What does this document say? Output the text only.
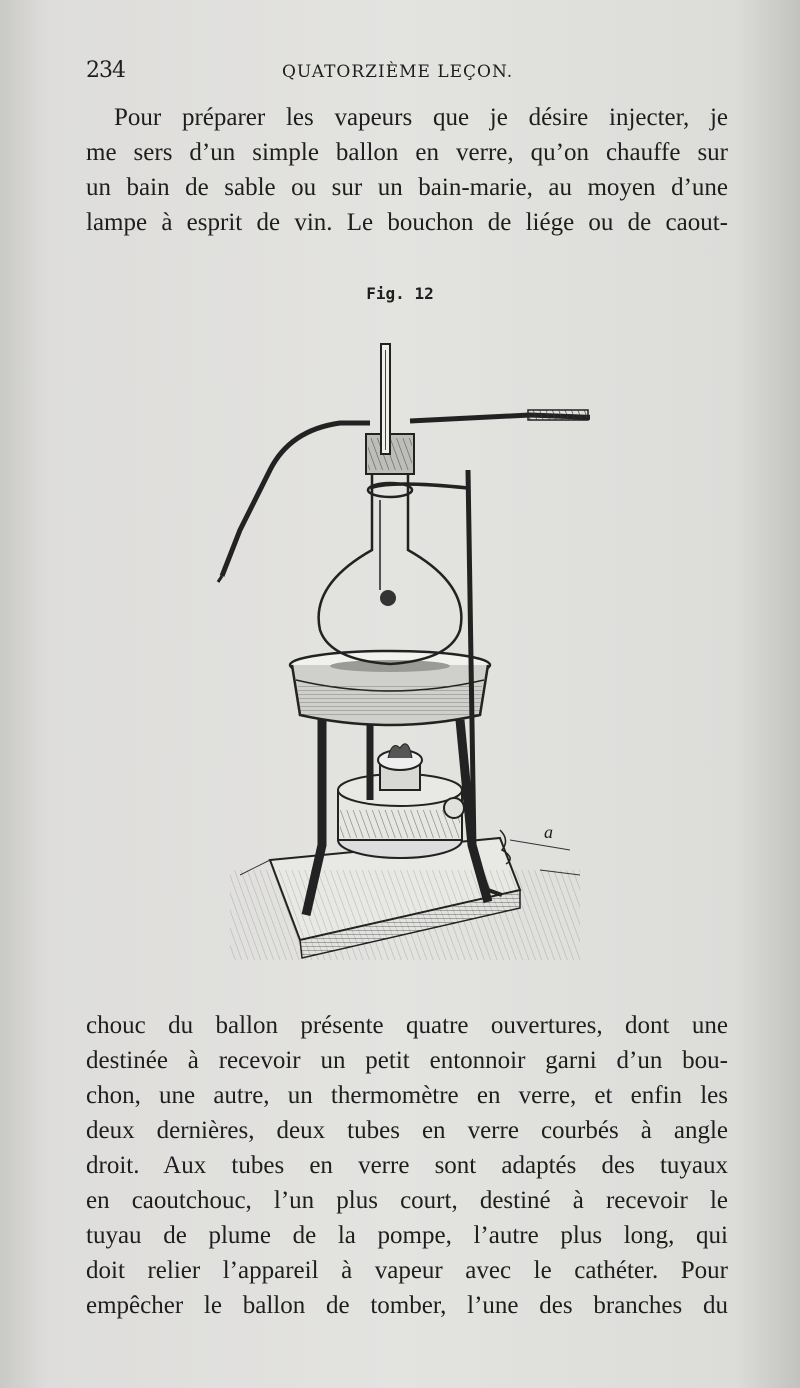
234	QUATORZIÈME LEÇON.
Pour préparer les vapeurs que je désire injecter, je
me sers d’un simple ballon en verre, qu’on chauffe sur
un bain de sable ou sur un bain-marie, au moyen d’une
lampe à esprit de vin. Le bouchon de liége ou de caout-
Fig. 12
a
chouc du ballon présente quatre ouvertures, dont une
destinée à recevoir un petit entonnoir garni d’un bou-
chon, une autre, un thermomètre en verre, et enfin les
deux dernières, deux tubes en verre courbés à angle
droit. Aux tubes en verre sont adaptés des tuyaux
en caoutchouc, l’un plus court, destiné à recevoir le
tuyau de plume de la pompe, l’autre plus long, qui
doit relier l’appareil à vapeur avec le cathéter. Pour
empêcher le ballon de tomber, l’une des branches du
